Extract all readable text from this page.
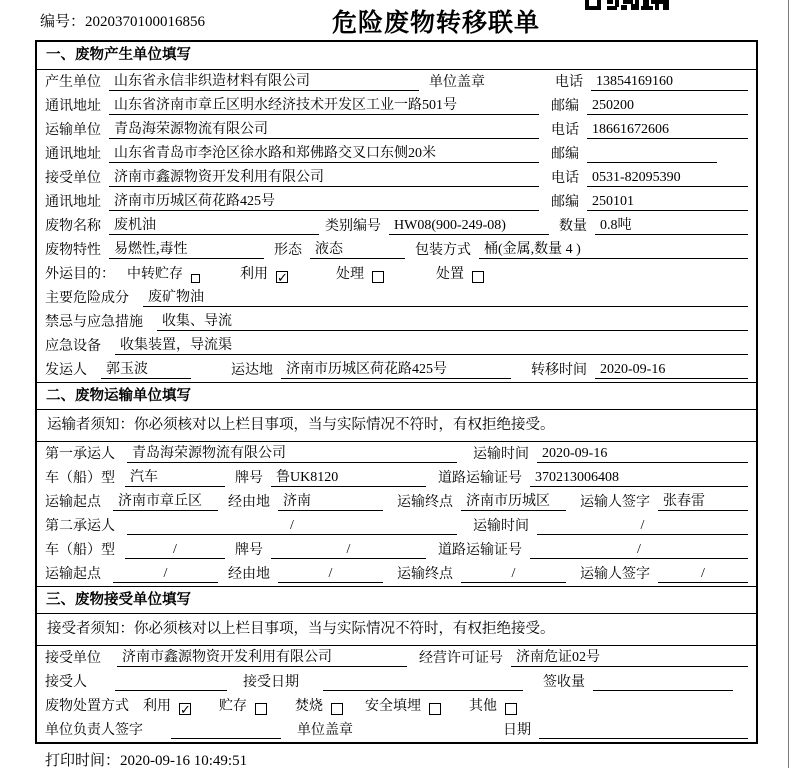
编号：2020370100016856	危险废物转移联单
一、废物产生单位填写
产生单位 山东省永信非织造材料有限公司	单位盖章	电话 13854169160
通讯地址 山东省济南市章丘区明水经济技术开发区工业一路501号	邮编 250200
运输单位 青岛海荣源物流有限公司	电话 18661672606
通讯地址 山东省青岛市李沧区徐水路和郑佛路交叉口东侧20米	邮编
接受单位 济南市鑫源物资开发利用有限公司	电话 0531-82095390
通讯地址 济南市历城区荷花路425号	邮编 250101
废物名称 废机油	类别编号 HW08(900-249-08)	数量 0.8吨
废物特性 易燃性,毒性	形态 液态	包装方式 桶(金属,数量 4 )
外运目的： 中转贮存	利用 ✓	处理	处置
主要危险成分	废矿物油
禁忌与应急措施	收集、导流
应急设备	收集装置，导流渠
发运人	郭玉波	运达地 济南市历城区荷花路425号	转移时间 2020-09-16
二、废物运输单位填写
运输者须知：你必须核对以上栏目事项，当与实际情况不符时，有权拒绝接受。
第一承运人	青岛海荣源物流有限公司	运输时间 2020-09-16
车（船）型	汽车	牌号 鲁UK8120	道路运输证号 370213006408
运输起点	济南市章丘区	经由地 济南	运输终点 济南市历城区	运输人签字 张春雷
第二承运人	/	运输时间	/
车（船）型	/	牌号	/	道路运输证号	/
运输起点	/	经由地	/	运输终点	/	运输人签字	/
三、废物接受单位填写
接受者须知：你必须核对以上栏目事项，当与实际情况不符时，有权拒绝接受。
接受单位	济南市鑫源物资开发利用有限公司	经营许可证号 济南危证02号
接受人	接受日期	签收量
废物处置方式 利用 ✓ 贮存	焚烧	安全填埋	其他
单位负责人签字	单位盖章	日期
打印时间：2020-09-16 10:49:51
